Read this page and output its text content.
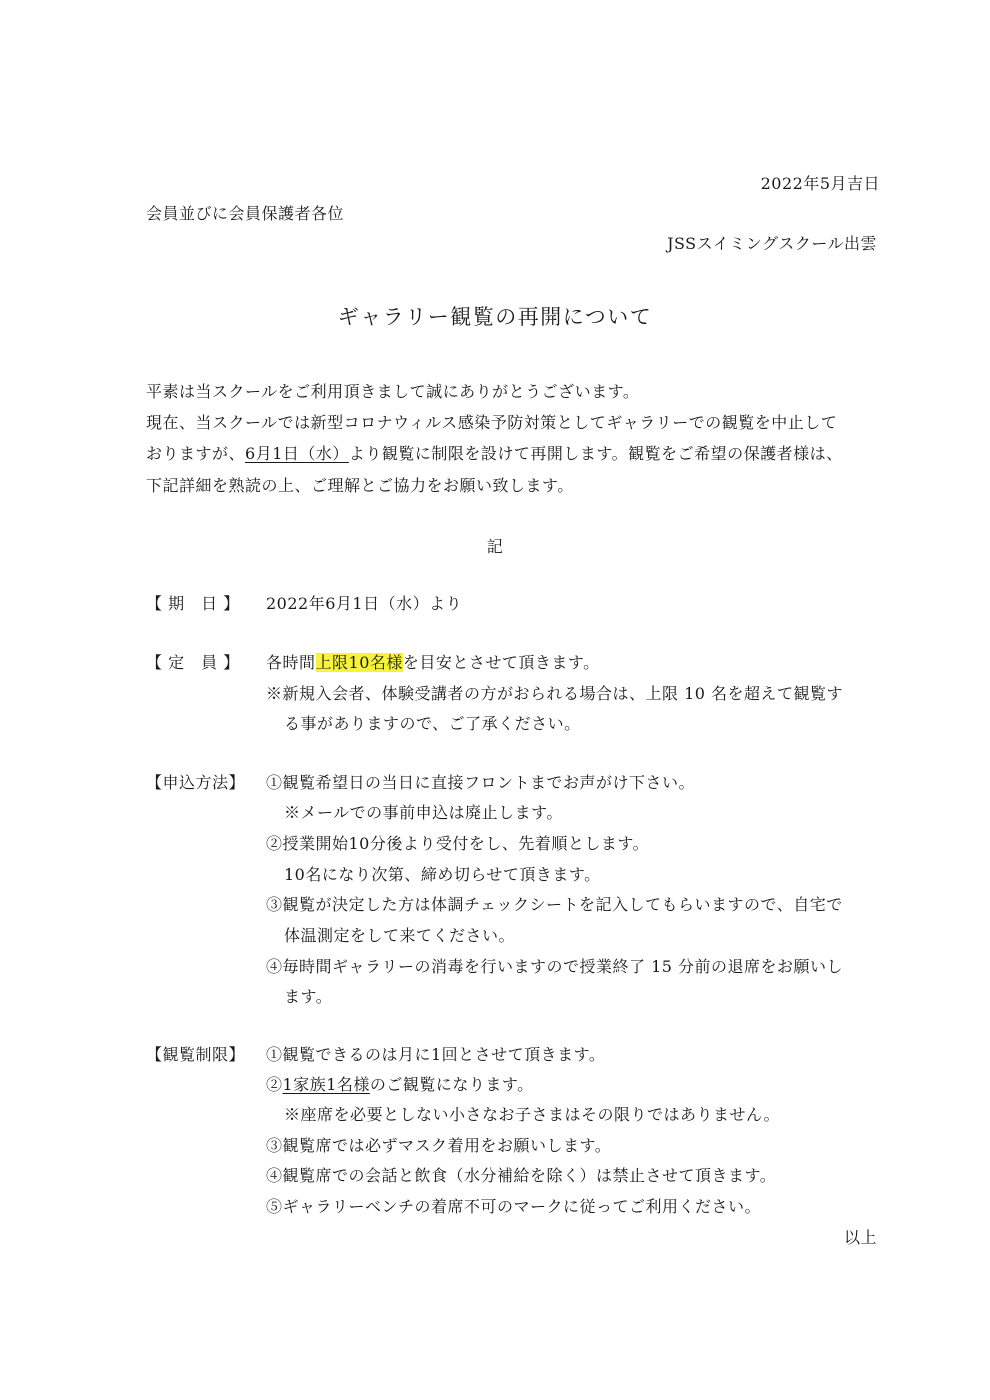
2022年5月吉日
会員並びに会員保護者各位
JSSスイミングスクール出雲
ギャラリー観覧の再開について
平素は当スクールをご利用頂きまして誠にありがとうございます。
現在、当スクールでは新型コロナウィルス感染予防対策としてギャラリーでの観覧を中止して
おりますが、6月1日（水）より観覧に制限を設けて再開します。観覧をご希望の保護者様は、
下記詳細を熟読の上、ご理解とご協力をお願い致します。
記
【 期　日 】	2022年6月1日（水）より
【 定　員 】	各時間上限10名様を目安とさせて頂きます。
※新規入会者、体験受講者の方がおられる場合は、上限 10 名を超えて観覧す
る事がありますので、ご了承ください。
【申込方法】	①観覧希望日の当日に直接フロントまでお声がけ下さい。
※メールでの事前申込は廃止します。
②授業開始10分後より受付をし、先着順とします。
10名になり次第、締め切らせて頂きます。
③観覧が決定した方は体調チェックシートを記入してもらいますので、自宅で
体温測定をして来てください。
④毎時間ギャラリーの消毒を行いますので授業終了 15 分前の退席をお願いし
ます。
【観覧制限】	①観覧できるのは月に1回とさせて頂きます。
②1家族1名様のご観覧になります。
※座席を必要としない小さなお子さまはその限りではありません。
③観覧席では必ずマスク着用をお願いします。
④観覧席での会話と飲食（水分補給を除く）は禁止させて頂きます。
⑤ギャラリーベンチの着席不可のマークに従ってご利用ください。
以上
